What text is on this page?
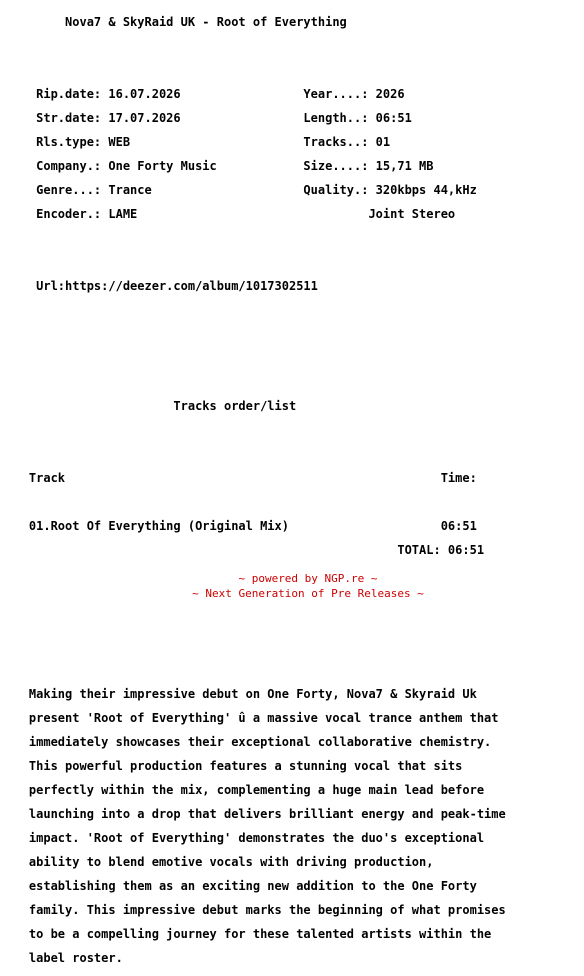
Nova7 & SkyRaid UK - Root of Everything

Rip.date: 16.07.2026                 Year....: 2026

Str.date: 17.07.2026                 Length..: 06:51

Rls.type: WEB                        Tracks..: 01

Company.: One Forty Music            Size....: 15,71 MB

Genre...: Trance                     Quality.: 320kbps 44,kHz

Encoder.: LAME                                Joint Stereo

Url:https://deezer.com/album/1017302511

Tracks order/list

Track                                                    Time:

01.Root Of Everything (Original Mix)                     06:51

TOTAL: 06:51

Making their impressive debut on One Forty, Nova7 & Skyraid Uk

present 'Root of Everything' û a massive vocal trance anthem that

immediately showcases their exceptional collaborative chemistry.

This powerful production features a stunning vocal that sits

perfectly within the mix, complementing a huge main lead before

launching into a drop that delivers brilliant energy and peak-time

impact. 'Root of Everything' demonstrates the duo's exceptional

ability to blend emotive vocals with driving production,

establishing them as an exciting new addition to the One Forty

family. This impressive debut marks the beginning of what promises

to be a compelling journey for these talented artists within the

label roster.

~ powered by NGP.re ~
~ Next Generation of Pre Releases ~
